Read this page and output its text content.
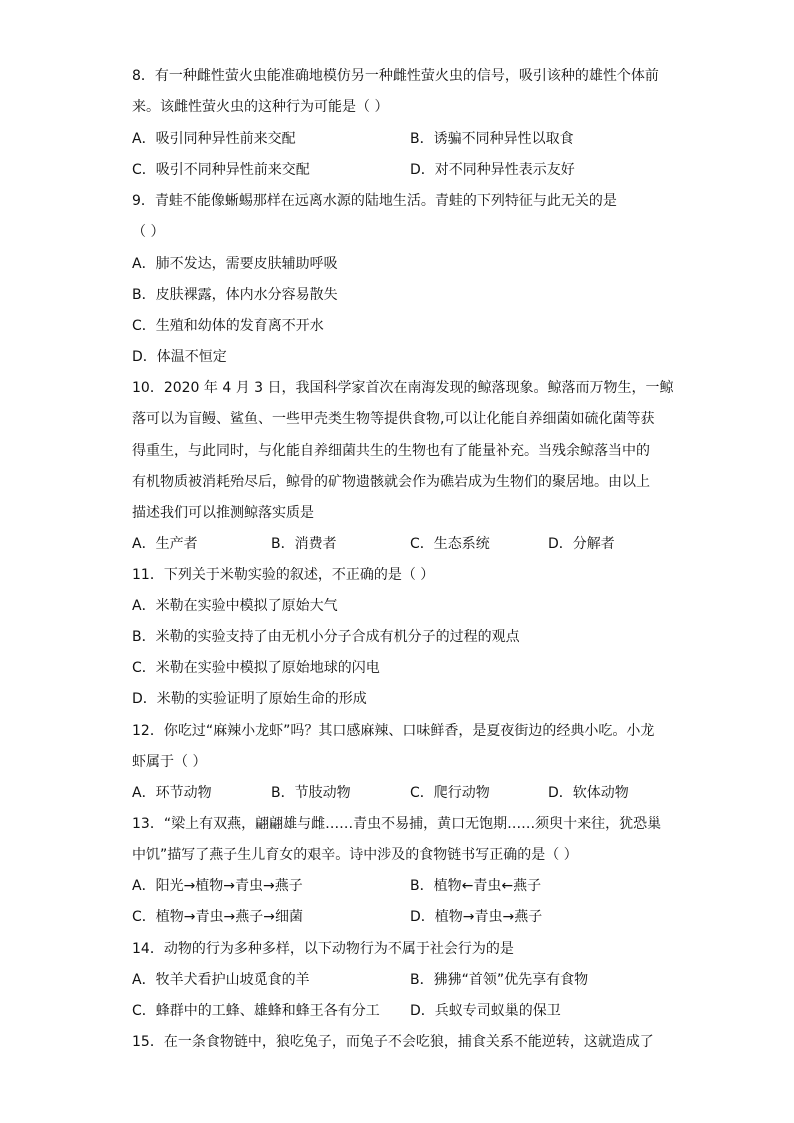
8．有一种雌性萤火虫能准确地模仿另一种雌性萤火虫的信号，吸引该种的雄性个体前
来。该雌性萤火虫的这种行为可能是（ ）
A．吸引同种异性前来交配	B．诱骗不同种异性以取食
C．吸引不同种异性前来交配	D．对不同种异性表示友好
9．青蛙不能像蜥蜴那样在远离水源的陆地生活。青蛙的下列特征与此无关的是
（ ）
A．肺不发达，需要皮肤辅助呼吸
B．皮肤裸露，体内水分容易散失
C．生殖和幼体的发育离不开水
D．体温不恒定
10．2020 年 4 月 3 日，我国科学家首次在南海发现的鲸落现象。鲸落而万物生，一鲸
落可以为盲鳗、鲨鱼、一些甲壳类生物等提供食物,可以让化能自养细菌如硫化菌等获
得重生，与此同时，与化能自养细菌共生的生物也有了能量补充。当残余鲸落当中的
有机物质被消耗殆尽后，鲸骨的矿物遗骸就会作为礁岩成为生物们的聚居地。由以上
描述我们可以推测鲸落实质是
A．生产者	B．消费者	C．生态系统	D．分解者
11．下列关于米勒实验的叙述，不正确的是（ ）
A．米勒在实验中模拟了原始大气
B．米勒的实验支持了由无机小分子合成有机分子的过程的观点
C．米勒在实验中模拟了原始地球的闪电
D．米勒的实验证明了原始生命的形成
12．你吃过“麻辣小龙虾”吗？其口感麻辣、口味鲜香，是夏夜街边的经典小吃。小龙
虾属于（ ）
A．环节动物	B．节肢动物	C．爬行动物	D．软体动物
13．“梁上有双燕，翩翩雄与雌……青虫不易捕，黄口无饱期……须臾十来往，犹恐巢
中饥”描写了燕子生儿育女的艰辛。诗中涉及的食物链书写正确的是（ ）
A．阳光→植物→青虫→燕子	B．植物←青虫←燕子
C．植物→青虫→燕子→细菌	D．植物→青虫→燕子
14．动物的行为多种多样，以下动物行为不属于社会行为的是
A．牧羊犬看护山坡觅食的羊	B．狒狒“首领”优先享有食物
C．蜂群中的工蜂、雄蜂和蜂王各有分工 D．兵蚁专司蚁巢的保卫
15．在一条食物链中，狼吃兔子，而兔子不会吃狼，捕食关系不能逆转，这就造成了
